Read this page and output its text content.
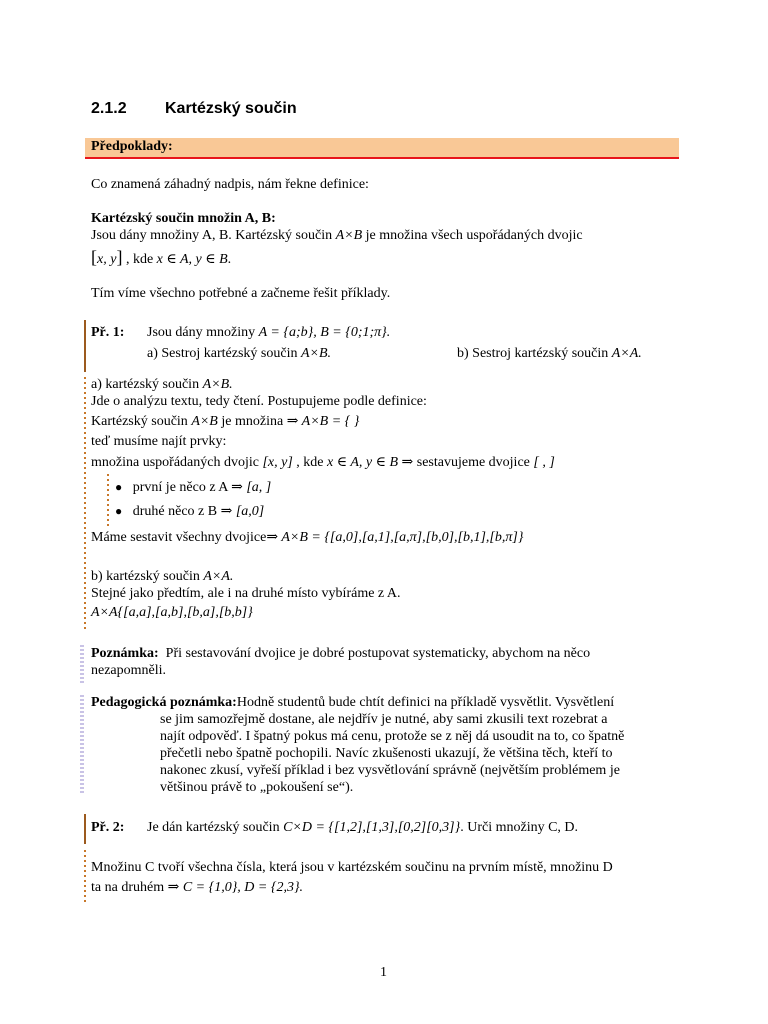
2.1.2 Kartézský součin
Předpoklady:
Co znamená záhadný nadpis, nám řekne definice:
Kartézský součin množin A, B:
Jsou dány množiny A, B. Kartézský součin A×B je množina všech uspořádaných dvojic
[x, y] , kde x ∈ A, y ∈ B.
Tím víme všechno potřebné a začneme řešit příklady.
Př. 1: Jsou dány množiny A = {a;b}, B = {0;1;π}.
a) Sestroj kartézský součin A×B.	b) Sestroj kartézský součin A×A.
a) kartézský součin A×B.
Jde o analýzu textu, tedy čtení. Postupujeme podle definice:
Kartézský součin A×B je množina ⇒ A×B = { }
teď musíme najít prvky:
množina uspořádaných dvojic [x, y] , kde x ∈ A, y ∈ B ⇒ sestavujeme dvojice [ , ]
● první je něco z A ⇒ [a, ]
● druhé něco z B ⇒ [a,0]
Máme sestavit všechny dvojice⇒ A×B = {[a,0],[a,1],[a,π],[b,0],[b,1],[b,π]}
b) kartézský součin A×A.
Stejné jako předtím, ale i na druhé místo vybíráme z A.
A×A{[a,a],[a,b],[b,a],[b,b]}
Poznámka: Při sestavování dvojice je dobré postupovat systematicky, abychom na něco
nezapomněli.
Pedagogická poznámka:Hodně studentů bude chtít definici na příkladě vysvětlit. Vysvětlení
se jim samozřejmě dostane, ale nejdřív je nutné, aby sami zkusili text rozebrat a
najít odpověď. I špatný pokus má cenu, protože se z něj dá usoudit na to, co špatně
přečetli nebo špatně pochopili. Navíc zkušenosti ukazují, že většina těch, kteří to
nakonec zkusí, vyřeší příklad i bez vysvětlování správně (největším problémem je
většinou právě to „pokoušení se“).
Př. 2: Je dán kartézský součin C×D = {[1,2],[1,3],[0,2][0,3]}. Urči množiny C, D.
Množinu C tvoří všechna čísla, která jsou v kartézském součinu na prvním místě, množinu D
ta na druhém ⇒ C = {1,0}, D = {2,3}.
1
